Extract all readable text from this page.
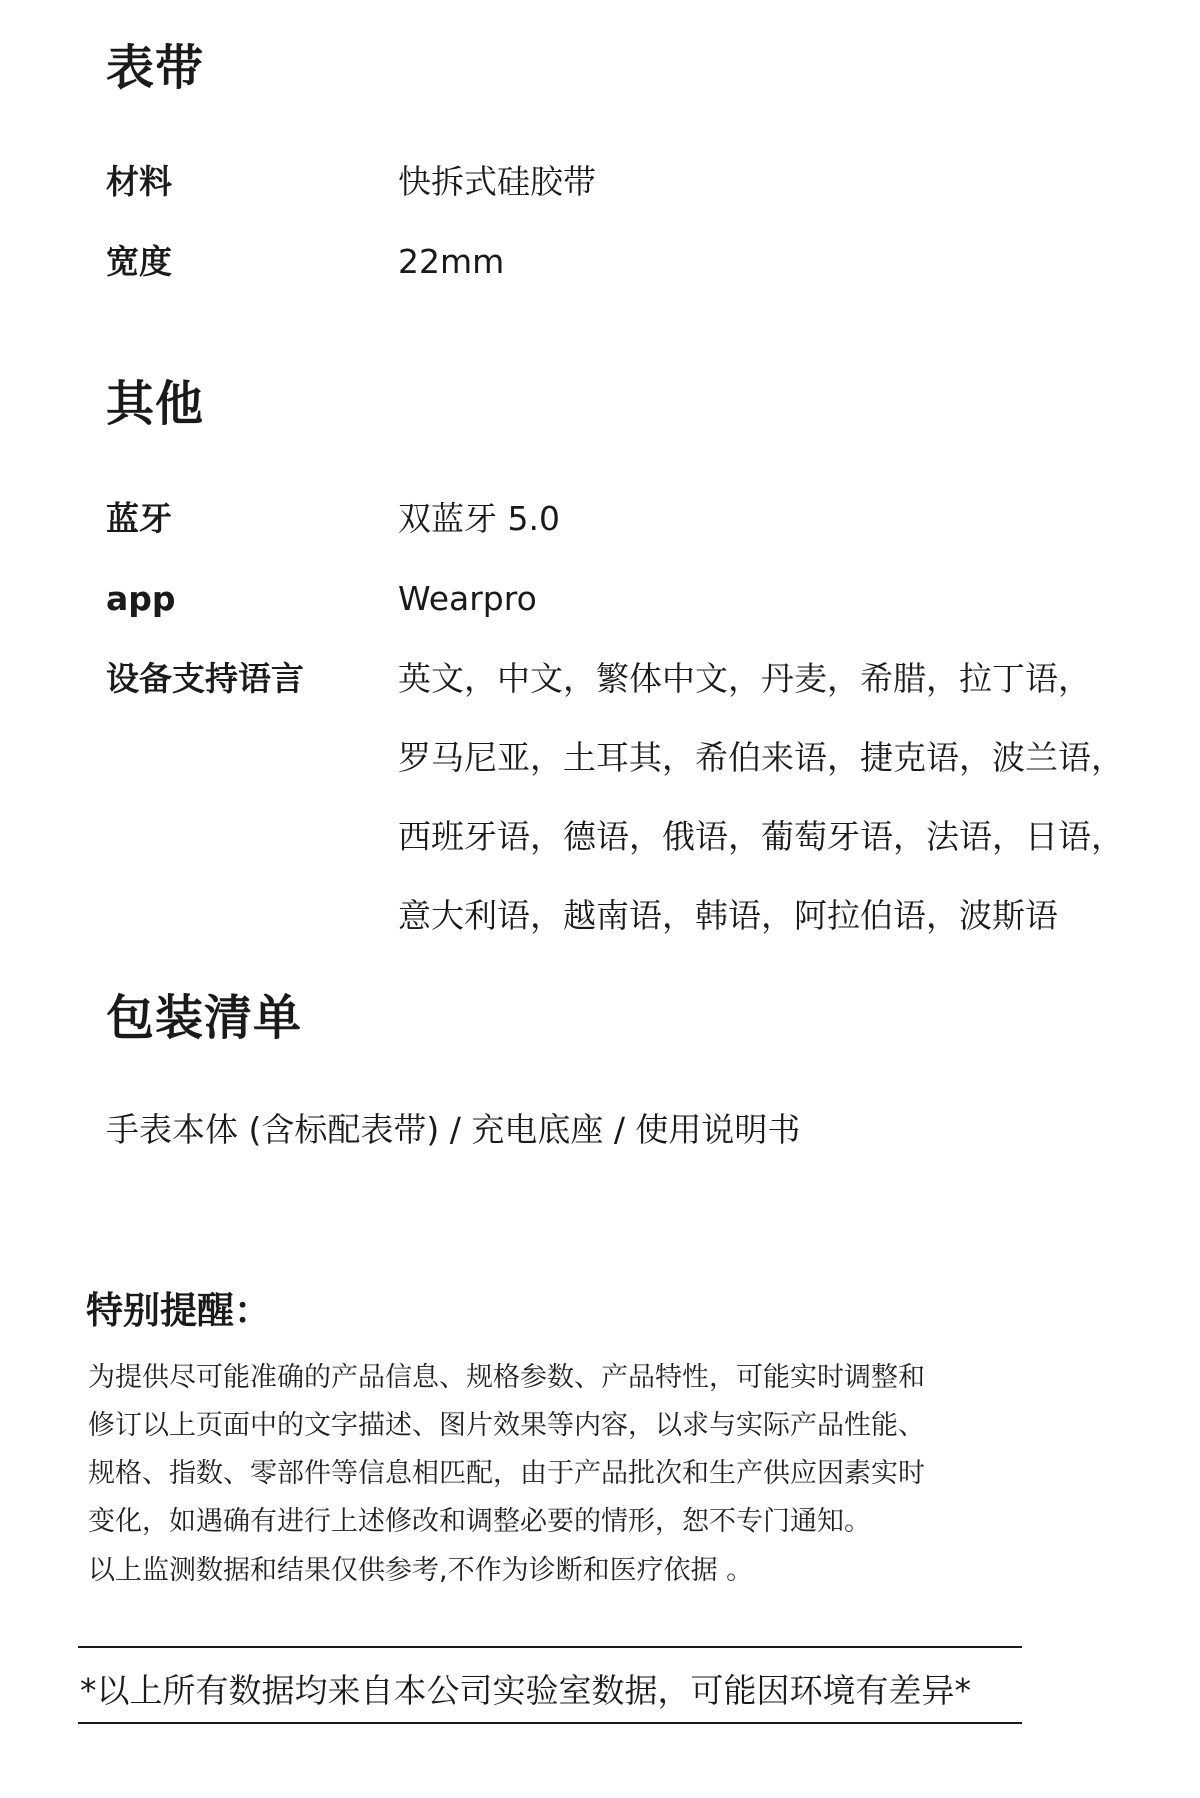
表带
材料	快拆式硅胶带
宽度	22mm
其他
蓝牙	双蓝牙 5.0
app	Wearpro
设备支持语言	英文，中文，繁体中文，丹麦，希腊，拉丁语，
罗马尼亚，土耳其，希伯来语，捷克语，波兰语，
西班牙语，德语，俄语，葡萄牙语，法语，日语，
意大利语，越南语，韩语，阿拉伯语，波斯语
包装清单
手表本体 (含标配表带) / 充电底座 / 使用说明书
特别提醒：
为提供尽可能准确的产品信息、规格参数、产品特性，可能实时调整和
修订以上页面中的文字描述、图片效果等内容，以求与实际产品性能、
规格、指数、零部件等信息相匹配，由于产品批次和生产供应因素实时
变化，如遇确有进行上述修改和调整必要的情形，恕不专门通知。
以上监测数据和结果仅供参考,不作为诊断和医疗依据 。
*以上所有数据均来自本公司实验室数据，可能因环境有差异*
